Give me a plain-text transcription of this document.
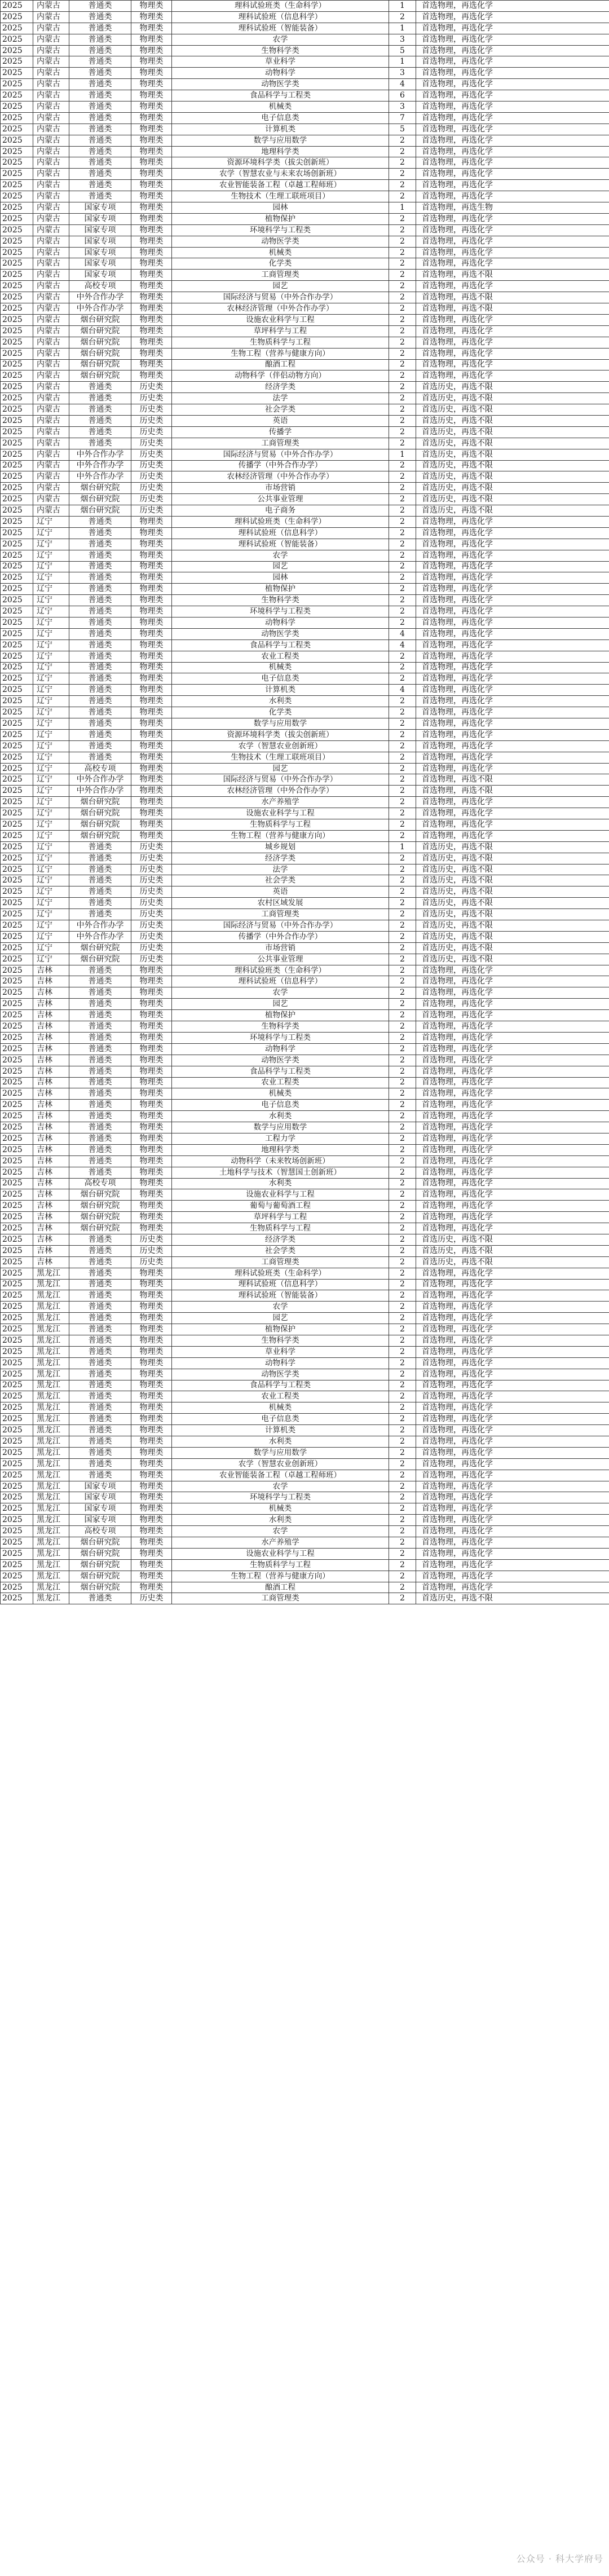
2025	内蒙古	普通类	物理类	理科试验班类（生命科学）	1	首选物理，再选化学
2025	内蒙古	普通类	物理类	理科试验班（信息科学）	2	首选物理，再选化学
2025	内蒙古	普通类	物理类	理科试验班（智能装备）	1	首选物理，再选化学
2025	内蒙古	普通类	物理类	农学	3	首选物理，再选化学
2025	内蒙古	普通类	物理类	生物科学类	5	首选物理，再选化学
2025	内蒙古	普通类	物理类	草业科学	1	首选物理，再选化学
2025	内蒙古	普通类	物理类	动物科学	3	首选物理，再选化学
2025	内蒙古	普通类	物理类	动物医学类	4	首选物理，再选化学
2025	内蒙古	普通类	物理类	食品科学与工程类	6	首选物理，再选化学
2025	内蒙古	普通类	物理类	机械类	3	首选物理，再选化学
2025	内蒙古	普通类	物理类	电子信息类	7	首选物理，再选化学
2025	内蒙古	普通类	物理类	计算机类	5	首选物理，再选化学
2025	内蒙古	普通类	物理类	数学与应用数学	2	首选物理，再选化学
2025	内蒙古	普通类	物理类	地理科学类	2	首选物理，再选化学
2025	内蒙古	普通类	物理类	资源环境科学类（拔尖创新班）	2	首选物理，再选化学
2025	内蒙古	普通类	物理类	农学（智慧农业与未来农场创新班）	2	首选物理，再选化学
2025	内蒙古	普通类	物理类	农业智能装备工程（卓越工程师班）	2	首选物理，再选化学
2025	内蒙古	普通类	物理类	生物技术（生理工联班项目）	2	首选物理，再选化学
2025	内蒙古	国家专项	物理类	园林	1	首选物理，再选生物
2025	内蒙古	国家专项	物理类	植物保护	2	首选物理，再选化学
2025	内蒙古	国家专项	物理类	环境科学与工程类	2	首选物理，再选化学
2025	内蒙古	国家专项	物理类	动物医学类	2	首选物理，再选化学
2025	内蒙古	国家专项	物理类	机械类	2	首选物理，再选化学
2025	内蒙古	国家专项	物理类	化学类	2	首选物理，再选化学
2025	内蒙古	国家专项	物理类	工商管理类	2	首选物理，再选不限
2025	内蒙古	高校专项	物理类	园艺	2	首选物理，再选化学
2025	内蒙古	中外合作办学	物理类	国际经济与贸易（中外合作办学）	2	首选物理，再选不限
2025	内蒙古	中外合作办学	物理类	农林经济管理（中外合作办学）	2	首选物理，再选不限
2025	内蒙古	烟台研究院	物理类	设施农业科学与工程	2	首选物理，再选化学
2025	内蒙古	烟台研究院	物理类	草坪科学与工程	2	首选物理，再选化学
2025	内蒙古	烟台研究院	物理类	生物质科学与工程	2	首选物理，再选化学
2025	内蒙古	烟台研究院	物理类	生物工程（营养与健康方向）	2	首选物理，再选化学
2025	内蒙古	烟台研究院	物理类	酿酒工程	2	首选物理，再选化学
2025	内蒙古	烟台研究院	物理类	动物科学（伴侣动物方向）	2	首选物理，再选化学
2025	内蒙古	普通类	历史类	经济学类	2	首选历史，再选不限
2025	内蒙古	普通类	历史类	法学	2	首选历史，再选不限
2025	内蒙古	普通类	历史类	社会学类	2	首选历史，再选不限
2025	内蒙古	普通类	历史类	英语	2	首选历史，再选不限
2025	内蒙古	普通类	历史类	传播学	2	首选历史，再选不限
2025	内蒙古	普通类	历史类	工商管理类	2	首选历史，再选不限
2025	内蒙古	中外合作办学	历史类	国际经济与贸易（中外合作办学）	1	首选历史，再选不限
2025	内蒙古	中外合作办学	历史类	传播学（中外合作办学）	2	首选历史，再选不限
2025	内蒙古	中外合作办学	历史类	农林经济管理（中外合作办学）	2	首选历史，再选不限
2025	内蒙古	烟台研究院	历史类	市场营销	2	首选历史，再选不限
2025	内蒙古	烟台研究院	历史类	公共事业管理	2	首选历史，再选不限
2025	内蒙古	烟台研究院	历史类	电子商务	2	首选历史，再选不限
2025	辽宁	普通类	物理类	理科试验班类（生命科学）	2	首选物理，再选化学
2025	辽宁	普通类	物理类	理科试验班（信息科学）	2	首选物理，再选化学
2025	辽宁	普通类	物理类	理科试验班（智能装备）	2	首选物理，再选化学
2025	辽宁	普通类	物理类	农学	2	首选物理，再选化学
2025	辽宁	普通类	物理类	园艺	2	首选物理，再选化学
2025	辽宁	普通类	物理类	园林	2	首选物理，再选化学
2025	辽宁	普通类	物理类	植物保护	2	首选物理，再选化学
2025	辽宁	普通类	物理类	生物科学类	2	首选物理，再选化学
2025	辽宁	普通类	物理类	环境科学与工程类	2	首选物理，再选化学
2025	辽宁	普通类	物理类	动物科学	2	首选物理，再选化学
2025	辽宁	普通类	物理类	动物医学类	4	首选物理，再选化学
2025	辽宁	普通类	物理类	食品科学与工程类	4	首选物理，再选化学
2025	辽宁	普通类	物理类	农业工程类	2	首选物理，再选化学
2025	辽宁	普通类	物理类	机械类	2	首选物理，再选化学
2025	辽宁	普通类	物理类	电子信息类	2	首选物理，再选化学
2025	辽宁	普通类	物理类	计算机类	4	首选物理，再选化学
2025	辽宁	普通类	物理类	水利类	2	首选物理，再选化学
2025	辽宁	普通类	物理类	化学类	2	首选物理，再选化学
2025	辽宁	普通类	物理类	数学与应用数学	2	首选物理，再选化学
2025	辽宁	普通类	物理类	资源环境科学类（拔尖创新班）	2	首选物理，再选化学
2025	辽宁	普通类	物理类	农学（智慧农业创新班）	2	首选物理，再选化学
2025	辽宁	普通类	物理类	生物技术（生理工联班项目）	2	首选物理，再选化学
2025	辽宁	高校专项	物理类	园艺	2	首选物理，再选化学
2025	辽宁	中外合作办学	物理类	国际经济与贸易（中外合作办学）	2	首选物理，再选不限
2025	辽宁	中外合作办学	物理类	农林经济管理（中外合作办学）	2	首选物理，再选不限
2025	辽宁	烟台研究院	物理类	水产养殖学	2	首选物理，再选化学
2025	辽宁	烟台研究院	物理类	设施农业科学与工程	2	首选物理，再选化学
2025	辽宁	烟台研究院	物理类	生物质科学与工程	2	首选物理，再选化学
2025	辽宁	烟台研究院	物理类	生物工程（营养与健康方向）	2	首选物理，再选化学
2025	辽宁	普通类	历史类	城乡规划	1	首选历史，再选不限
2025	辽宁	普通类	历史类	经济学类	2	首选历史，再选不限
2025	辽宁	普通类	历史类	法学	2	首选历史，再选不限
2025	辽宁	普通类	历史类	社会学类	2	首选历史，再选不限
2025	辽宁	普通类	历史类	英语	2	首选历史，再选不限
2025	辽宁	普通类	历史类	农村区域发展	2	首选历史，再选不限
2025	辽宁	普通类	历史类	工商管理类	2	首选历史，再选不限
2025	辽宁	中外合作办学	历史类	国际经济与贸易（中外合作办学）	2	首选历史，再选不限
2025	辽宁	中外合作办学	历史类	传播学（中外合作办学）	2	首选历史，再选不限
2025	辽宁	烟台研究院	历史类	市场营销	2	首选历史，再选不限
2025	辽宁	烟台研究院	历史类	公共事业管理	2	首选历史，再选不限
2025	吉林	普通类	物理类	理科试验班类（生命科学）	2	首选物理，再选化学
2025	吉林	普通类	物理类	理科试验班（信息科学）	2	首选物理，再选化学
2025	吉林	普通类	物理类	农学	2	首选物理，再选化学
2025	吉林	普通类	物理类	园艺	2	首选物理，再选化学
2025	吉林	普通类	物理类	植物保护	2	首选物理，再选化学
2025	吉林	普通类	物理类	生物科学类	2	首选物理，再选化学
2025	吉林	普通类	物理类	环境科学与工程类	2	首选物理，再选化学
2025	吉林	普通类	物理类	动物科学	2	首选物理，再选化学
2025	吉林	普通类	物理类	动物医学类	2	首选物理，再选化学
2025	吉林	普通类	物理类	食品科学与工程类	2	首选物理，再选化学
2025	吉林	普通类	物理类	农业工程类	2	首选物理，再选化学
2025	吉林	普通类	物理类	机械类	2	首选物理，再选化学
2025	吉林	普通类	物理类	电子信息类	2	首选物理，再选化学
2025	吉林	普通类	物理类	水利类	2	首选物理，再选化学
2025	吉林	普通类	物理类	数学与应用数学	2	首选物理，再选化学
2025	吉林	普通类	物理类	工程力学	2	首选物理，再选化学
2025	吉林	普通类	物理类	地理科学类	2	首选物理，再选化学
2025	吉林	普通类	物理类	动物科学（未来牧场创新班）	2	首选物理，再选化学
2025	吉林	普通类	物理类	土地科学与技术（智慧国土创新班）	2	首选物理，再选化学
2025	吉林	高校专项	物理类	水利类	2	首选物理，再选化学
2025	吉林	烟台研究院	物理类	设施农业科学与工程	2	首选物理，再选化学
2025	吉林	烟台研究院	物理类	葡萄与葡萄酒工程	2	首选物理，再选化学
2025	吉林	烟台研究院	物理类	草坪科学与工程	2	首选物理，再选化学
2025	吉林	烟台研究院	物理类	生物质科学与工程	2	首选物理，再选化学
2025	吉林	普通类	历史类	经济学类	2	首选历史，再选不限
2025	吉林	普通类	历史类	社会学类	2	首选历史，再选不限
2025	吉林	普通类	历史类	工商管理类	2	首选历史，再选不限
2025	黑龙江	普通类	物理类	理科试验班类（生命科学）	2	首选物理，再选化学
2025	黑龙江	普通类	物理类	理科试验班（信息科学）	2	首选物理，再选化学
2025	黑龙江	普通类	物理类	理科试验班（智能装备）	2	首选物理，再选化学
2025	黑龙江	普通类	物理类	农学	2	首选物理，再选化学
2025	黑龙江	普通类	物理类	园艺	2	首选物理，再选化学
2025	黑龙江	普通类	物理类	植物保护	2	首选物理，再选化学
2025	黑龙江	普通类	物理类	生物科学类	2	首选物理，再选化学
2025	黑龙江	普通类	物理类	草业科学	2	首选物理，再选化学
2025	黑龙江	普通类	物理类	动物科学	2	首选物理，再选化学
2025	黑龙江	普通类	物理类	动物医学类	2	首选物理，再选化学
2025	黑龙江	普通类	物理类	食品科学与工程类	2	首选物理，再选化学
2025	黑龙江	普通类	物理类	农业工程类	2	首选物理，再选化学
2025	黑龙江	普通类	物理类	机械类	2	首选物理，再选化学
2025	黑龙江	普通类	物理类	电子信息类	2	首选物理，再选化学
2025	黑龙江	普通类	物理类	计算机类	2	首选物理，再选化学
2025	黑龙江	普通类	物理类	水利类	2	首选物理，再选化学
2025	黑龙江	普通类	物理类	数学与应用数学	2	首选物理，再选化学
2025	黑龙江	普通类	物理类	农学（智慧农业创新班）	2	首选物理，再选化学
2025	黑龙江	普通类	物理类	农业智能装备工程（卓越工程师班）	2	首选物理，再选化学
2025	黑龙江	国家专项	物理类	农学	2	首选物理，再选化学
2025	黑龙江	国家专项	物理类	环境科学与工程类	2	首选物理，再选化学
2025	黑龙江	国家专项	物理类	机械类	2	首选物理，再选化学
2025	黑龙江	国家专项	物理类	水利类	2	首选物理，再选化学
2025	黑龙江	高校专项	物理类	农学	2	首选物理，再选化学
2025	黑龙江	烟台研究院	物理类	水产养殖学	2	首选物理，再选化学
2025	黑龙江	烟台研究院	物理类	设施农业科学与工程	2	首选物理，再选化学
2025	黑龙江	烟台研究院	物理类	生物质科学与工程	2	首选物理，再选化学
2025	黑龙江	烟台研究院	物理类	生物工程（营养与健康方向）	2	首选物理，再选化学
2025	黑龙江	烟台研究院	物理类	酿酒工程	2	首选物理，再选化学
2025	黑龙江	普通类	历史类	工商管理类	2	首选历史，再选不限
公众号 · 科大学府号
